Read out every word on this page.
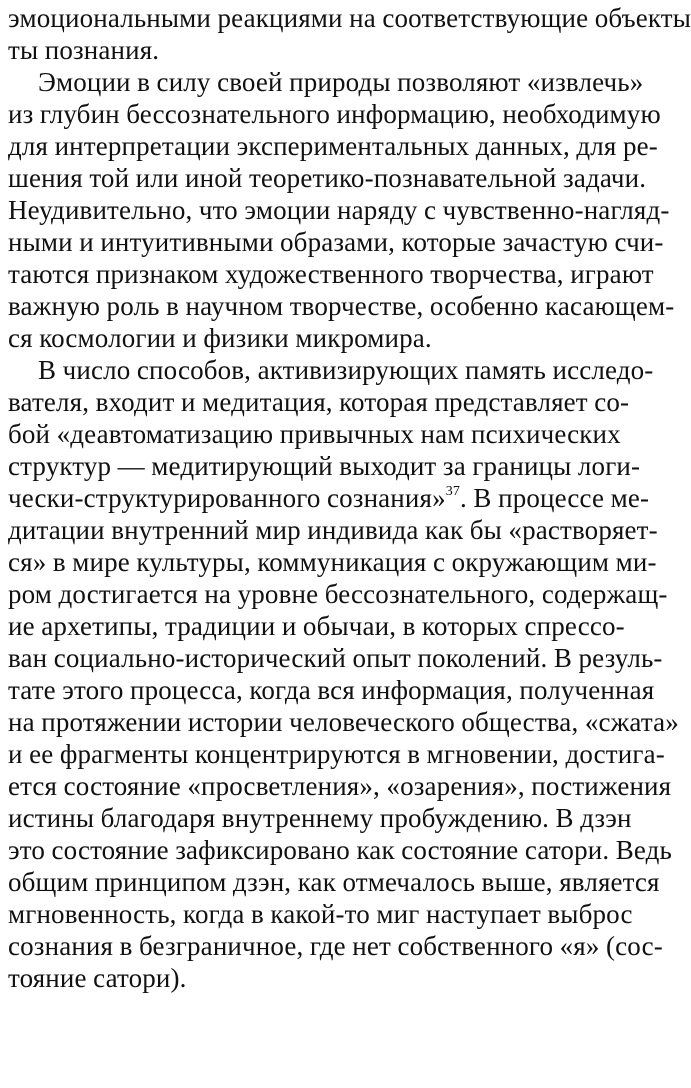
эмоциональными реакциями на соответствующие объекты
ты познания.
Эмоции в силу своей природы позволяют «извлечь»
из глубин бессознательного информацию, необходимую
для интерпретации экспериментальных данных, для ре-
шения той или иной теоретико-познавательной задачи.
Неудивительно, что эмоции наряду с чувственно-нагляд-
ными и интуитивными образами, которые зачастую счи-
таются признаком художественного творчества, играют
важную роль в научном творчестве, особенно касающем-
ся космологии и физики микромира.
В число способов, активизирующих память исследо-
вателя, входит и медитация, которая представляет со-
бой «деавтоматизацию привычных нам психических
структур — медитирующий выходит за границы логи-
чески-структурированного сознания»$^{37}$. В процессе ме-
дитации внутренний мир индивида как бы «растворяет-
ся» в мире культуры, коммуникация с окружающим ми-
ром достигается на уровне бессознательного, содержащ-
ие архетипы, традиции и обычаи, в которых спрессо-
ван социально-исторический опыт поколений. В резуль-
тате этого процесса, когда вся информация, полученная
на протяжении истории человеческого общества, «сжата»
и ее фрагменты концентрируются в мгновении, достига-
ется состояние «просветления», «озарения», постижения
истины благодаря внутреннему пробуждению. В дзэн
это состояние зафиксировано как состояние сатори. Ведь
общим принципом дзэн, как отмечалось выше, является
мгновенность, когда в какой-то миг наступает выброс
сознания в безграничное, где нет собственного «я» (сос-
тояние сатори).
